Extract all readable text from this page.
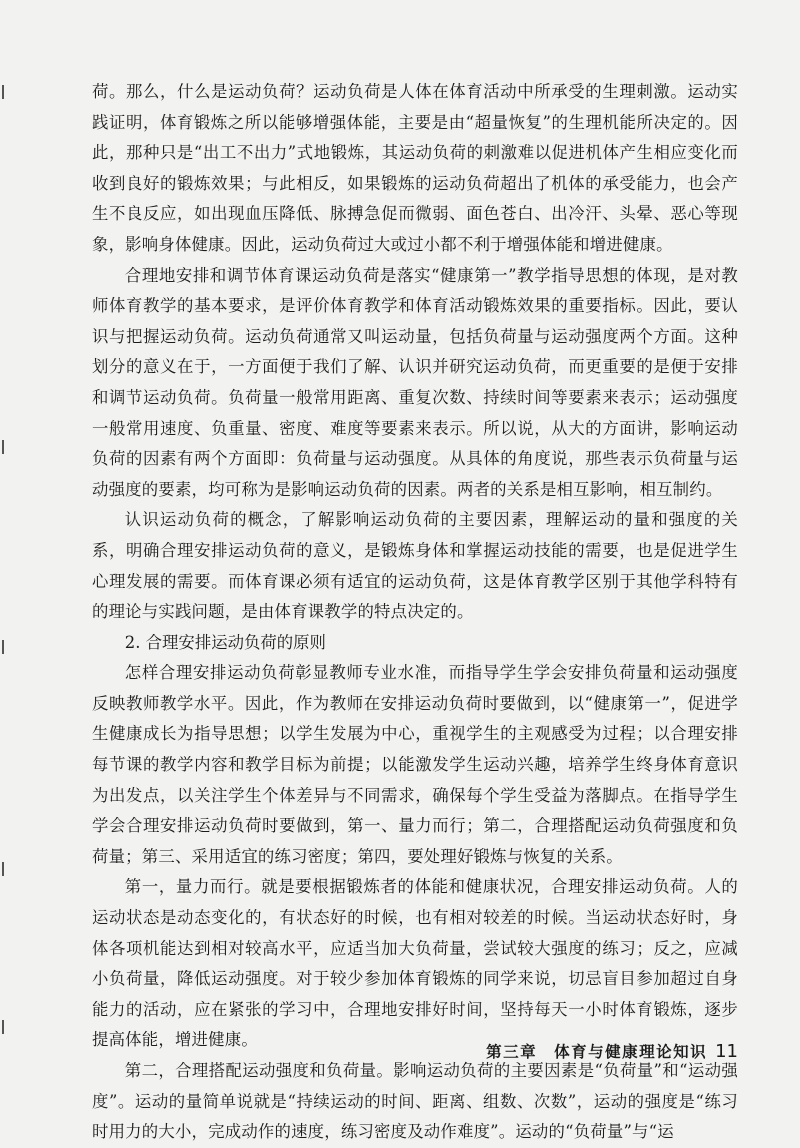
荷。那么，什么是运动负荷？运动负荷是人体在体育活动中所承受的生理刺激。运动实践证明，体育锻炼之所以能够增强体能，主要是由“超量恢复”的生理机能所决定的。因此，那种只是“出工不出力”式地锻炼，其运动负荷的刺激难以促进机体产生相应变化而收到良好的锻炼效果；与此相反，如果锻炼的运动负荷超出了机体的承受能力，也会产生不良反应，如出现血压降低、脉搏急促而微弱、面色苍白、出冷汗、头晕、恶心等现象，影响身体健康。因此，运动负荷过大或过小都不利于增强体能和增进健康。

合理地安排和调节体育课运动负荷是落实“健康第一”教学指导思想的体现，是对教师体育教学的基本要求，是评价体育教学和体育活动锻炼效果的重要指标。因此，要认识与把握运动负荷。运动负荷通常又叫运动量，包括负荷量与运动强度两个方面。这种划分的意义在于，一方面便于我们了解、认识并研究运动负荷，而更重要的是便于安排和调节运动负荷。负荷量一般常用距离、重复次数、持续时间等要素来表示；运动强度一般常用速度、负重量、密度、难度等要素来表示。所以说，从大的方面讲，影响运动负荷的因素有两个方面即：负荷量与运动强度。从具体的角度说，那些表示负荷量与运动强度的要素，均可称为是影响运动负荷的因素。两者的关系是相互影响，相互制约。

认识运动负荷的概念，了解影响运动负荷的主要因素，理解运动的量和强度的关系，明确合理安排运动负荷的意义，是锻炼身体和掌握运动技能的需要，也是促进学生心理发展的需要。而体育课必须有适宜的运动负荷，这是体育教学区别于其他学科特有的理论与实践问题，是由体育课教学的特点决定的。

2. 合理安排运动负荷的原则

怎样合理安排运动负荷彰显教师专业水准，而指导学生学会安排负荷量和运动强度反映教师教学水平。因此，作为教师在安排运动负荷时要做到，以“健康第一”，促进学生健康成长为指导思想；以学生发展为中心，重视学生的主观感受为过程；以合理安排每节课的教学内容和教学目标为前提；以能激发学生运动兴趣，培养学生终身体育意识为出发点，以关注学生个体差异与不同需求，确保每个学生受益为落脚点。在指导学生学会合理安排运动负荷时要做到，第一、量力而行；第二，合理搭配运动负荷强度和负荷量；第三、采用适宜的练习密度；第四，要处理好锻炼与恢复的关系。

第一，量力而行。就是要根据锻炼者的体能和健康状况，合理安排运动负荷。人的运动状态是动态变化的，有状态好的时候，也有相对较差的时候。当运动状态好时，身体各项机能达到相对较高水平，应适当加大负荷量，尝试较大强度的练习；反之，应减小负荷量，降低运动强度。对于较少参加体育锻炼的同学来说，切忌盲目参加超过自身能力的活动，应在紧张的学习中，合理地安排好时间，坚持每天一小时体育锻炼，逐步提高体能，增进健康。

第二，合理搭配运动强度和负荷量。影响运动负荷的主要因素是“负荷量”和“运动强度”。运动的量简单说就是“持续运动的时间、距离、组数、次数”，运动的强度是“练习时用力的大小，完成动作的速度，练习密度及动作难度”。运动的“负荷量”与“运

第三章　体育与健康理论知识 11
